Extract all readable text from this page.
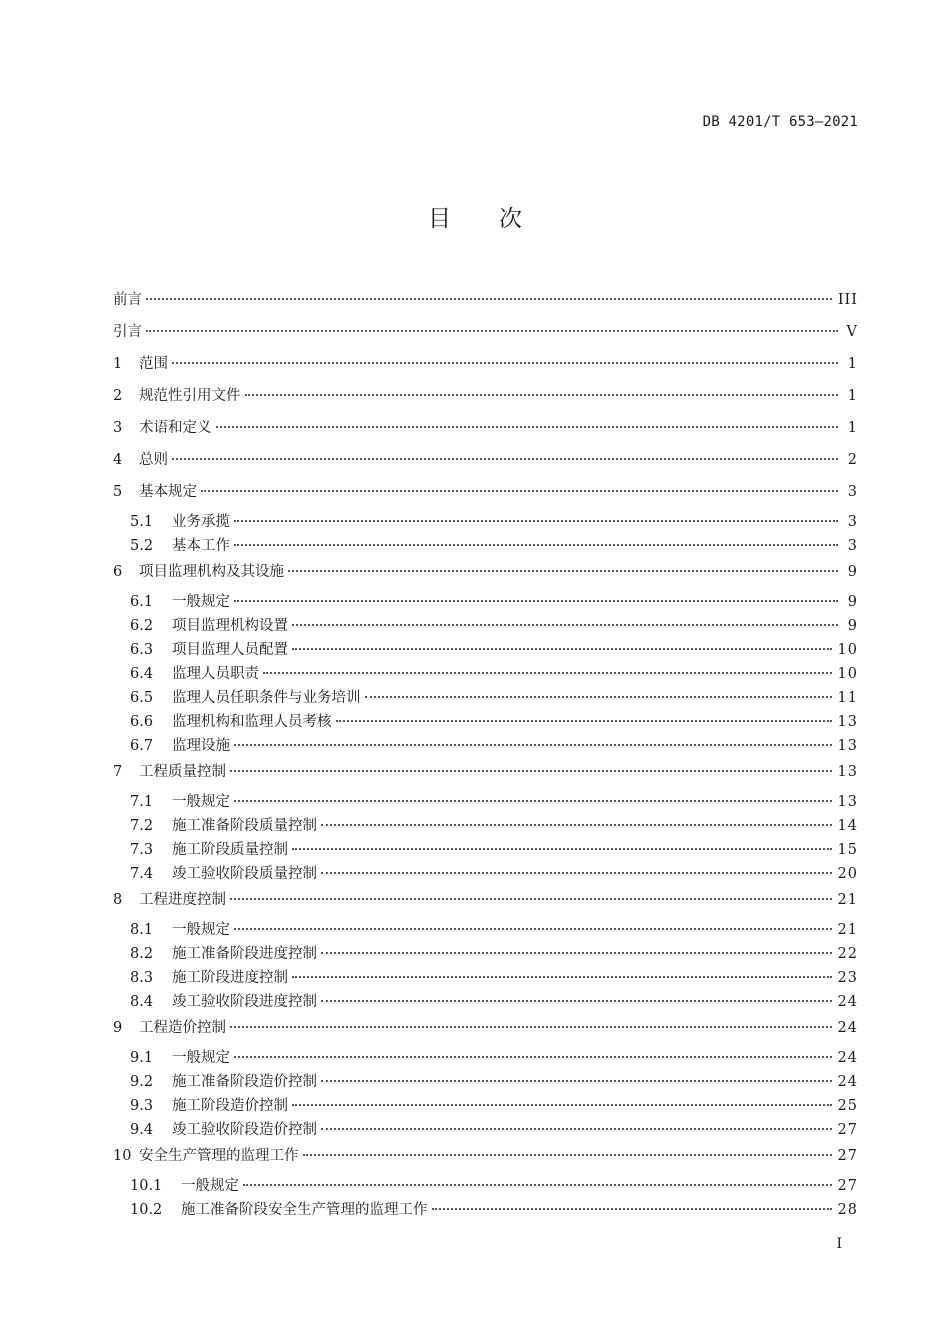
DB 4201/T 653—2021
目次
前言	III
引言	V
1	范围	1
2	规范性引用文件	1
3	术语和定义	1
4	总则	2
5	基本规定	3
5.1	业务承揽	3
5.2	基本工作	3
6	项目监理机构及其设施	9
6.1	一般规定	9
6.2	项目监理机构设置	9
6.3	项目监理人员配置	10
6.4	监理人员职责	10
6.5	监理人员任职条件与业务培训	11
6.6	监理机构和监理人员考核	13
6.7	监理设施	13
7	工程质量控制	13
7.1	一般规定	13
7.2	施工准备阶段质量控制	14
7.3	施工阶段质量控制	15
7.4	竣工验收阶段质量控制	20
8	工程进度控制	21
8.1	一般规定	21
8.2	施工准备阶段进度控制	22
8.3	施工阶段进度控制	23
8.4	竣工验收阶段进度控制	24
9	工程造价控制	24
9.1	一般规定	24
9.2	施工准备阶段造价控制	24
9.3	施工阶段造价控制	25
9.4	竣工验收阶段造价控制	27
10 安全生产管理的监理工作	27
10.1	一般规定	27
10.2	施工准备阶段安全生产管理的监理工作	28
I
